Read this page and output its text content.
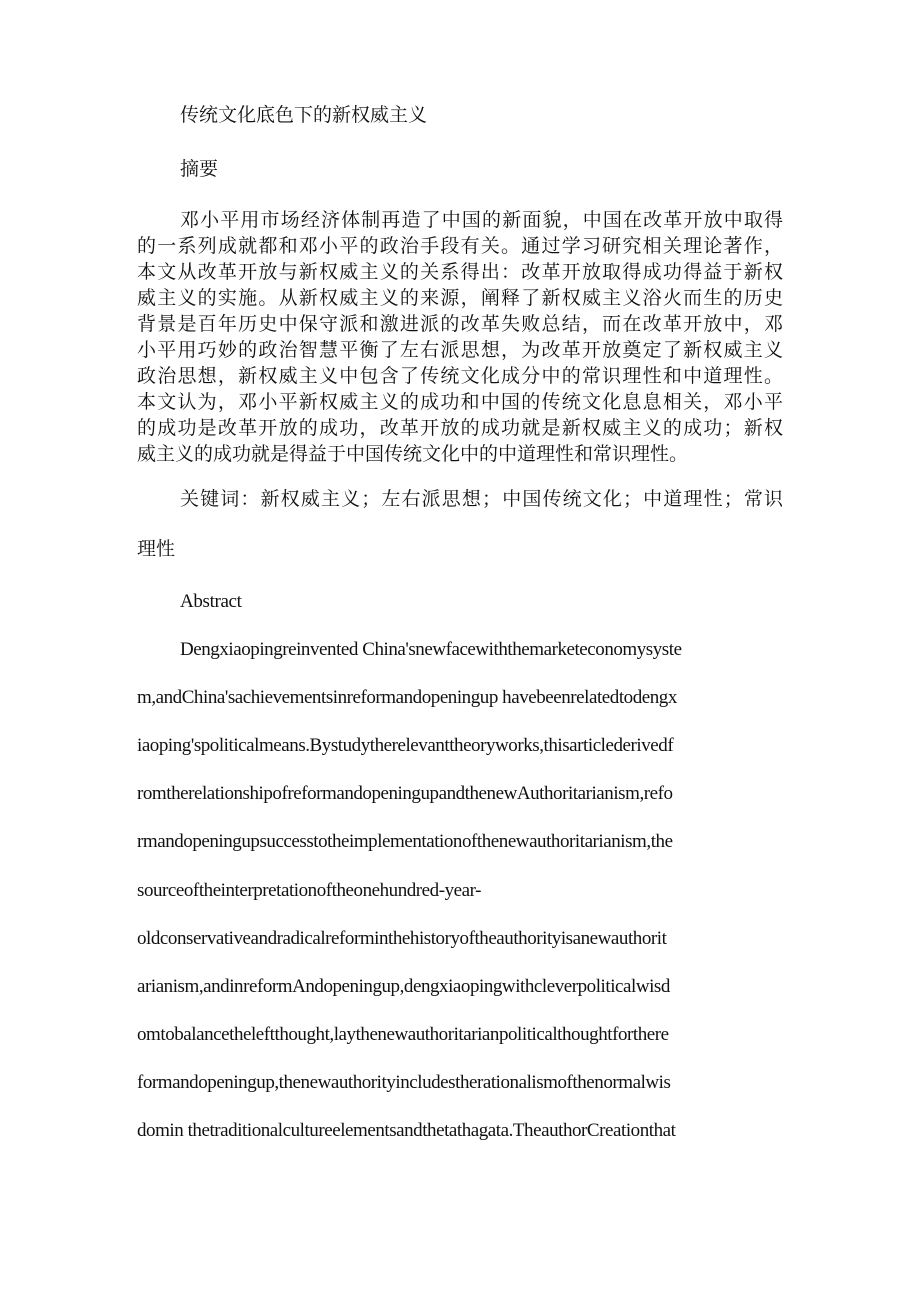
传统文化底色下的新权威主义
摘要
邓小平用市场经济体制再造了中国的新面貌，中国在改革开放中取得
的一系列成就都和邓小平的政治手段有关。通过学习研究相关理论著作，
本文从改革开放与新权威主义的关系得出：改革开放取得成功得益于新权
威主义的实施。从新权威主义的来源，阐释了新权威主义浴火而生的历史
背景是百年历史中保守派和激进派的改革失败总结，而在改革开放中，邓
小平用巧妙的政治智慧平衡了左右派思想，为改革开放奠定了新权威主义
政治思想，新权威主义中包含了传统文化成分中的常识理性和中道理性。
本文认为，邓小平新权威主义的成功和中国的传统文化息息相关，邓小平
的成功是改革开放的成功，改革开放的成功就是新权威主义的成功；新权
威主义的成功就是得益于中国传统文化中的中道理性和常识理性。
关键词：新权威主义；左右派思想；中国传统文化；中道理性；常识
理性
Abstract
Dengxiaopingreinvented China'snewfacewiththemarketeconomysyste
m,andChina'sachievementsinreformandopeningup havebeenrelatedtodengx
iaoping'spoliticalmeans.Bystudytherelevanttheoryworks,thisarticlederivedf
romtherelationshipofreformandopeningupandthenewAuthoritarianism,refo
rmandopeningupsuccesstotheimplementationofthenewauthoritarianism,the
sourceoftheinterpretationoftheonehundred-year-
oldconservativeandradicalreforminthehistoryoftheauthorityisanewauthorit
arianism,andinreformAndopeningup,dengxiaopingwithcleverpoliticalwisd
omtobalancetheleftthought,laythenewauthoritarianpoliticalthoughtforthere
formandopeningup,thenewauthorityincludestherationalismofthenormalwis
domin thetraditionalcultureelementsandthetathagata.TheauthorCreationthat
